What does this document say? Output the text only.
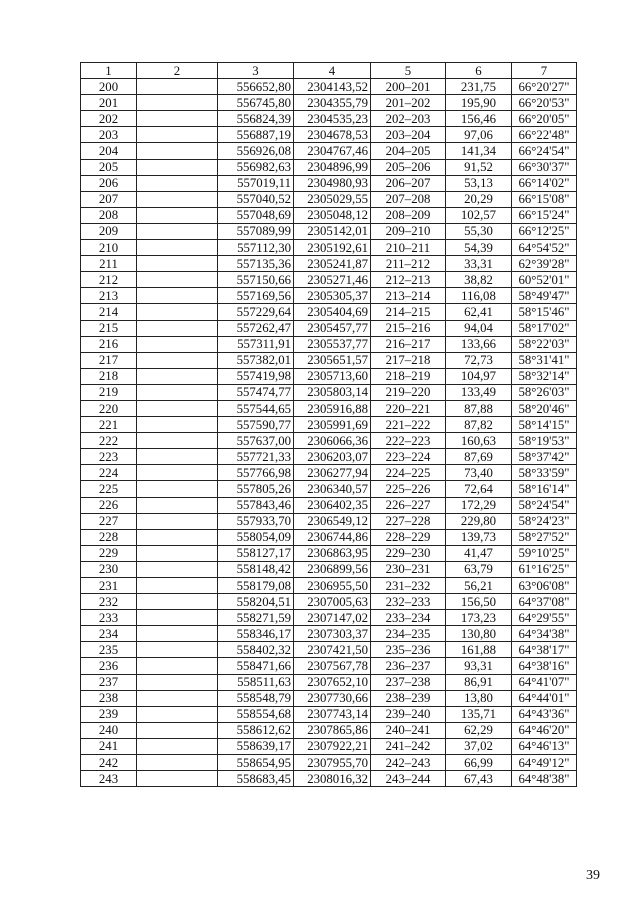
1	2	3	4	5	6	7
200		556652,80	2304143,52	200–201	231,75	66°20'27"
201		556745,80	2304355,79	201–202	195,90	66°20'53"
202		556824,39	2304535,23	202–203	156,46	66°20'05"
203		556887,19	2304678,53	203–204	97,06	66°22'48"
204		556926,08	2304767,46	204–205	141,34	66°24'54"
205		556982,63	2304896,99	205–206	91,52	66°30'37"
206		557019,11	2304980,93	206–207	53,13	66°14'02"
207		557040,52	2305029,55	207–208	20,29	66°15'08"
208		557048,69	2305048,12	208–209	102,57	66°15'24"
209		557089,99	2305142,01	209–210	55,30	66°12'25"
210		557112,30	2305192,61	210–211	54,39	64°54'52"
211		557135,36	2305241,87	211–212	33,31	62°39'28"
212		557150,66	2305271,46	212–213	38,82	60°52'01"
213		557169,56	2305305,37	213–214	116,08	58°49'47"
214		557229,64	2305404,69	214–215	62,41	58°15'46"
215		557262,47	2305457,77	215–216	94,04	58°17'02"
216		557311,91	2305537,77	216–217	133,66	58°22'03"
217		557382,01	2305651,57	217–218	72,73	58°31'41"
218		557419,98	2305713,60	218–219	104,97	58°32'14"
219		557474,77	2305803,14	219–220	133,49	58°26'03"
220		557544,65	2305916,88	220–221	87,88	58°20'46"
221		557590,77	2305991,69	221–222	87,82	58°14'15"
222		557637,00	2306066,36	222–223	160,63	58°19'53"
223		557721,33	2306203,07	223–224	87,69	58°37'42"
224		557766,98	2306277,94	224–225	73,40	58°33'59"
225		557805,26	2306340,57	225–226	72,64	58°16'14"
226		557843,46	2306402,35	226–227	172,29	58°24'54"
227		557933,70	2306549,12	227–228	229,80	58°24'23"
228		558054,09	2306744,86	228–229	139,73	58°27'52"
229		558127,17	2306863,95	229–230	41,47	59°10'25"
230		558148,42	2306899,56	230–231	63,79	61°16'25"
231		558179,08	2306955,50	231–232	56,21	63°06'08"
232		558204,51	2307005,63	232–233	156,50	64°37'08"
233		558271,59	2307147,02	233–234	173,23	64°29'55"
234		558346,17	2307303,37	234–235	130,80	64°34'38"
235		558402,32	2307421,50	235–236	161,88	64°38'17"
236		558471,66	2307567,78	236–237	93,31	64°38'16"
237		558511,63	2307652,10	237–238	86,91	64°41'07"
238		558548,79	2307730,66	238–239	13,80	64°44'01"
239		558554,68	2307743,14	239–240	135,71	64°43'36"
240		558612,62	2307865,86	240–241	62,29	64°46'20"
241		558639,17	2307922,21	241–242	37,02	64°46'13"
242		558654,95	2307955,70	242–243	66,99	64°49'12"
243		558683,45	2308016,32	243–244	67,43	64°48'38"
39
